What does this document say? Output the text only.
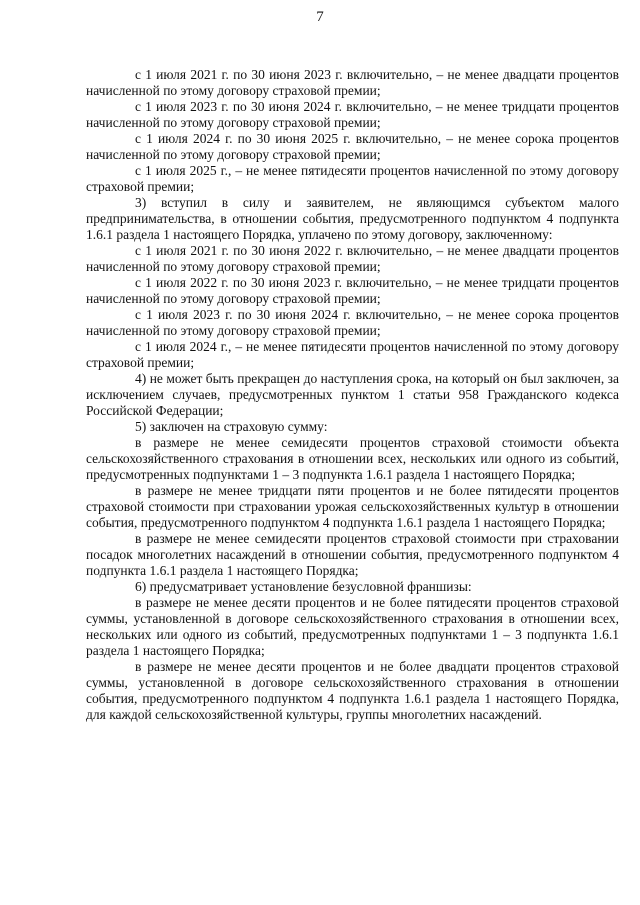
7

с 1 июля 2021 г. по 30 июня 2023 г. включительно, – не менее двадцати процентов начисленной по этому договору страховой премии;

с 1 июля 2023 г. по 30 июня 2024 г. включительно, – не менее тридцати процентов начисленной по этому договору страховой премии;

с 1 июля 2024 г. по 30 июня 2025 г. включительно, – не менее сорока процентов начисленной по этому договору страховой премии;

с 1 июля 2025 г., – не менее пятидесяти процентов начисленной по этому договору страховой премии;

3) вступил в силу и заявителем, не являющимся субъектом малого предпринимательства, в отношении события, предусмотренного подпунктом 4 подпункта 1.6.1 раздела 1 настоящего Порядка, уплачено по этому договору, заключенному:

с 1 июля 2021 г. по 30 июня 2022 г. включительно, – не менее двадцати процентов начисленной по этому договору страховой премии;

с 1 июля 2022 г. по 30 июня 2023 г. включительно, – не менее тридцати процентов начисленной по этому договору страховой премии;

с 1 июля 2023 г. по 30 июня 2024 г. включительно, – не менее сорока процентов начисленной по этому договору страховой премии;

с 1 июля 2024 г., – не менее пятидесяти процентов начисленной по этому договору страховой премии;

4) не может быть прекращен до наступления срока, на который он был заключен, за исключением случаев, предусмотренных пунктом 1 статьи 958 Гражданского кодекса Российской Федерации;

5) заключен на страховую сумму:

в размере не менее семидесяти процентов страховой стоимости объекта сельскохозяйственного страхования в отношении всех, нескольких или одного из событий, предусмотренных подпунктами 1 – 3 подпункта 1.6.1 раздела 1 настоящего Порядка;

в размере не менее тридцати пяти процентов и не более пятидесяти процентов страховой стоимости при страховании урожая сельскохозяйственных культур в отношении события, предусмотренного подпунктом 4 подпункта 1.6.1 раздела 1 настоящего Порядка;

в размере не менее семидесяти процентов страховой стоимости при страховании посадок многолетних насаждений в отношении события, предусмотренного подпунктом 4 подпункта 1.6.1 раздела 1 настоящего Порядка;

6) предусматривает установление безусловной франшизы:

в размере не менее десяти процентов и не более пятидесяти процентов страховой суммы, установленной в договоре сельскохозяйственного страхования в отношении всех, нескольких или одного из событий, предусмотренных подпунктами 1 – 3 подпункта 1.6.1 раздела 1 настоящего Порядка;

в размере не менее десяти процентов и не более двадцати процентов страховой суммы, установленной в договоре сельскохозяйственного страхования в отношении события, предусмотренного подпунктом 4 подпункта 1.6.1 раздела 1 настоящего Порядка, для каждой сельскохозяйственной культуры, группы многолетних насаждений.
